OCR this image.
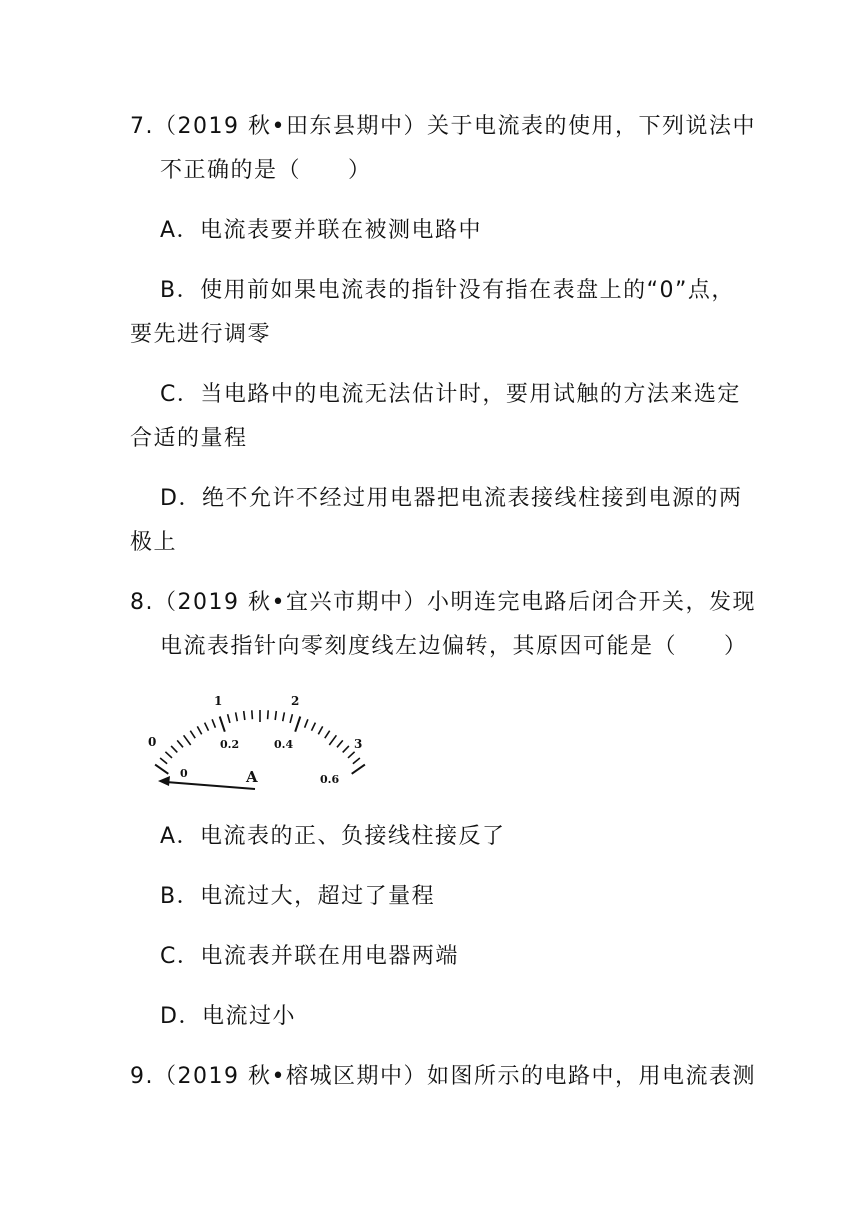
7.（2019 秋•田东县期中）关于电流表的使用，下列说法中
不正确的是（　　）
A．电流表要并联在被测电路中
B．使用前如果电流表的指针没有指在表盘上的“0”点，
要先进行调零
C．当电路中的电流无法估计时，要用试触的方法来选定
合适的量程
D．绝不允许不经过用电器把电流表接线柱接到电源的两
极上
8.（2019 秋•宜兴市期中）小明连完电路后闭合开关，发现
电流表指针向零刻度线左边偏转，其原因可能是（　　）
0
1	2
3
0
0.2	0.4
0.6
A
A．电流表的正、负接线柱接反了
B．电流过大，超过了量程
C．电流表并联在用电器两端
D．电流过小
9.（2019 秋•榕城区期中）如图所示的电路中，用电流表测
